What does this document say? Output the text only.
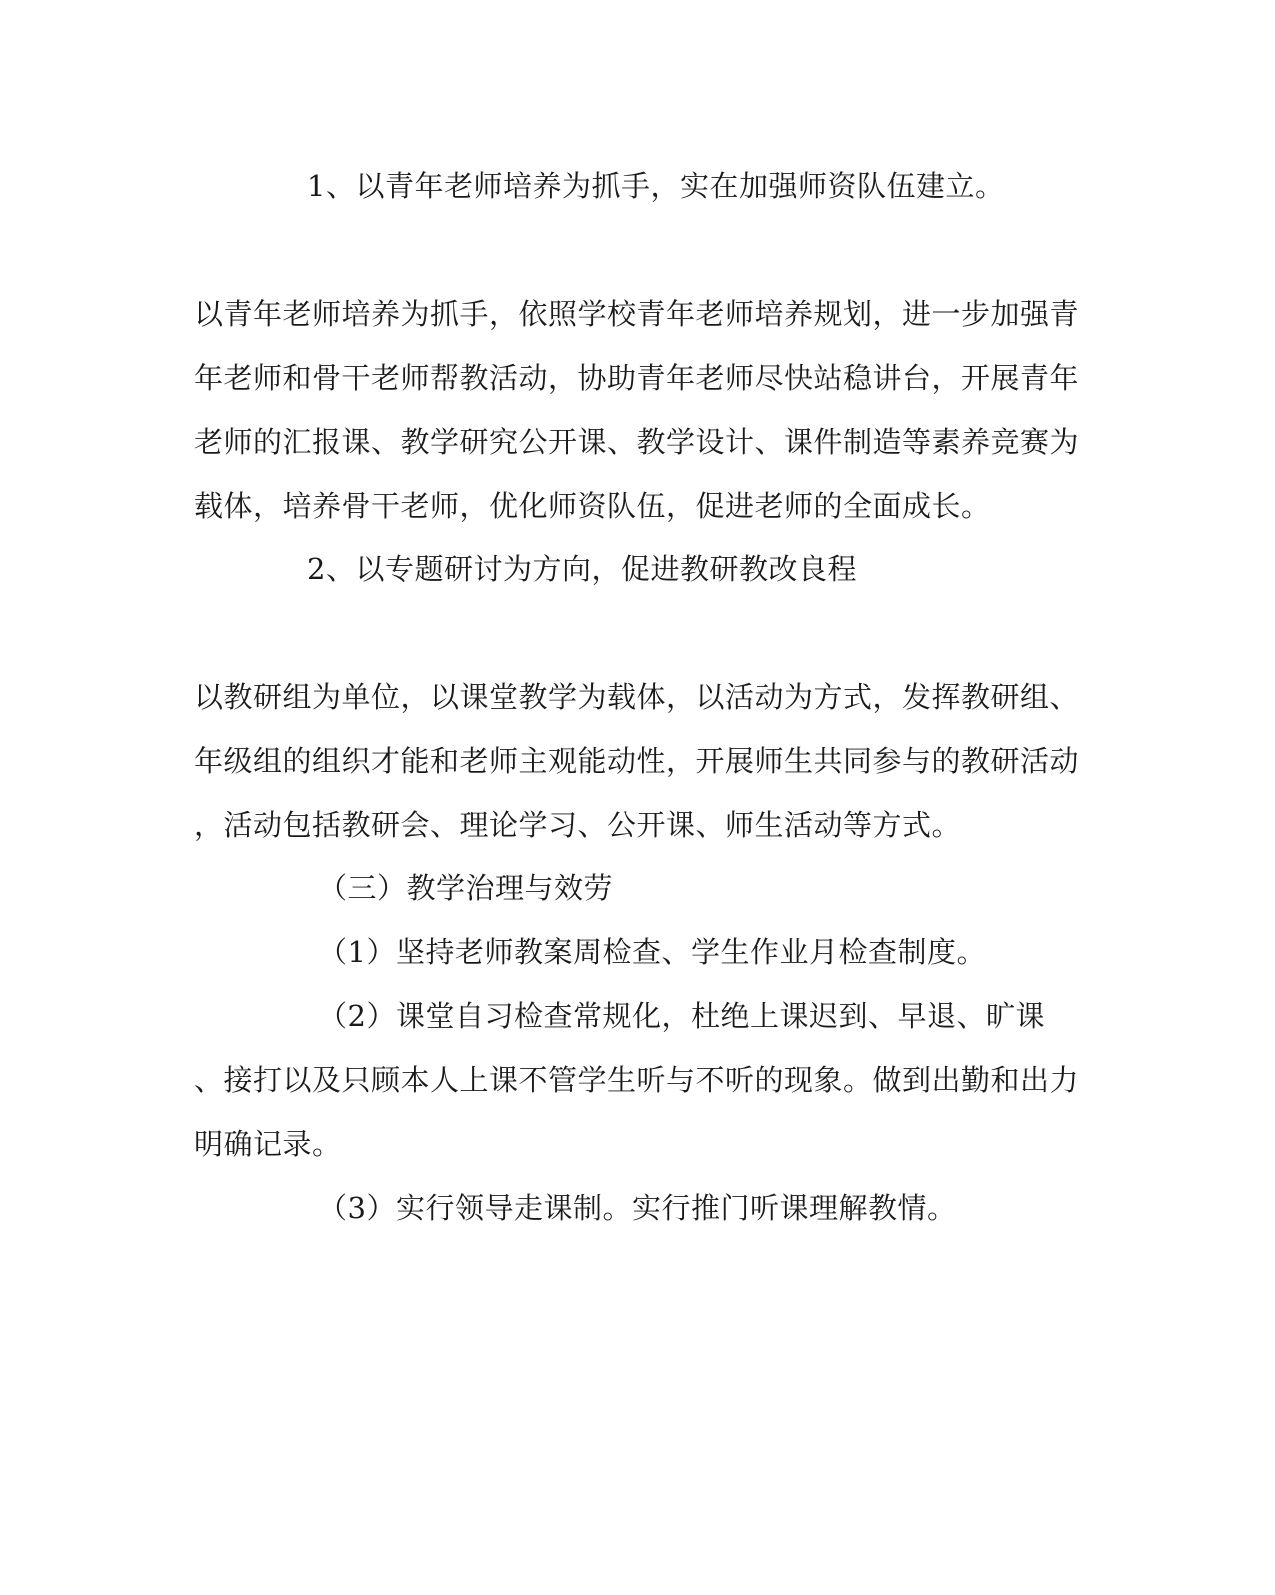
1、以青年老师培养为抓手，实在加强师资队伍建立。
以青年老师培养为抓手，依照学校青年老师培养规划，进一步加强青
年老师和骨干老师帮教活动，协助青年老师尽快站稳讲台，开展青年
老师的汇报课、教学研究公开课、教学设计、课件制造等素养竞赛为
载体，培养骨干老师，优化师资队伍，促进老师的全面成长。
2、以专题研讨为方向，促进教研教改良程
以教研组为单位，以课堂教学为载体，以活动为方式，发挥教研组、
年级组的组织才能和老师主观能动性，开展师生共同参与的教研活动
，活动包括教研会、理论学习、公开课、师生活动等方式。
（三）教学治理与效劳
（1）坚持老师教案周检查、学生作业月检查制度。
（2）课堂自习检查常规化，杜绝上课迟到、早退、旷课
、接打以及只顾本人上课不管学生听与不听的现象。做到出勤和出力
明确记录。
（3）实行领导走课制。实行推门听课理解教情。
